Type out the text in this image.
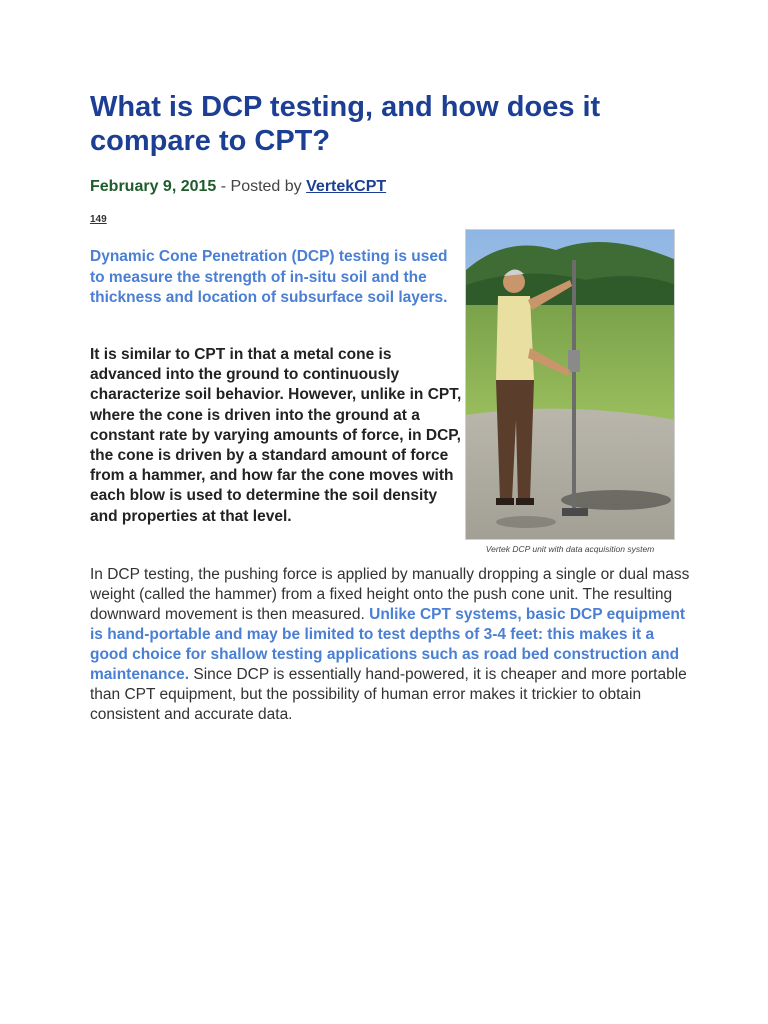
What is DCP testing, and how does it compare to CPT?
February 9, 2015 - Posted by VertekCPT
149

Dynamic Cone Penetration (DCP) testing is used to measure the strength of in-situ soil and the thickness and location of subsurface soil layers.

It is similar to CPT in that a metal cone is advanced into the ground to continuously characterize soil behavior. However, unlike in CPT, where the cone is driven into the ground at a constant rate by varying amounts of force, in DCP, the cone is driven by a standard amount of force from a hammer, and how far the cone moves with each blow is used to determine the soil density and properties at that level.

Vertek DCP unit with data acquisition system

In DCP testing, the pushing force is applied by manually dropping a single or dual mass weight (called the hammer) from a fixed height onto the push cone unit. The resulting downward movement is then measured. Unlike CPT systems, basic DCP equipment is hand-portable and may be limited to test depths of 3-4 feet: this makes it a good choice for shallow testing applications such as road bed construction and maintenance. Since DCP is essentially hand-powered, it is cheaper and more portable than CPT equipment, but the possibility of human error makes it trickier to obtain consistent and accurate data.
